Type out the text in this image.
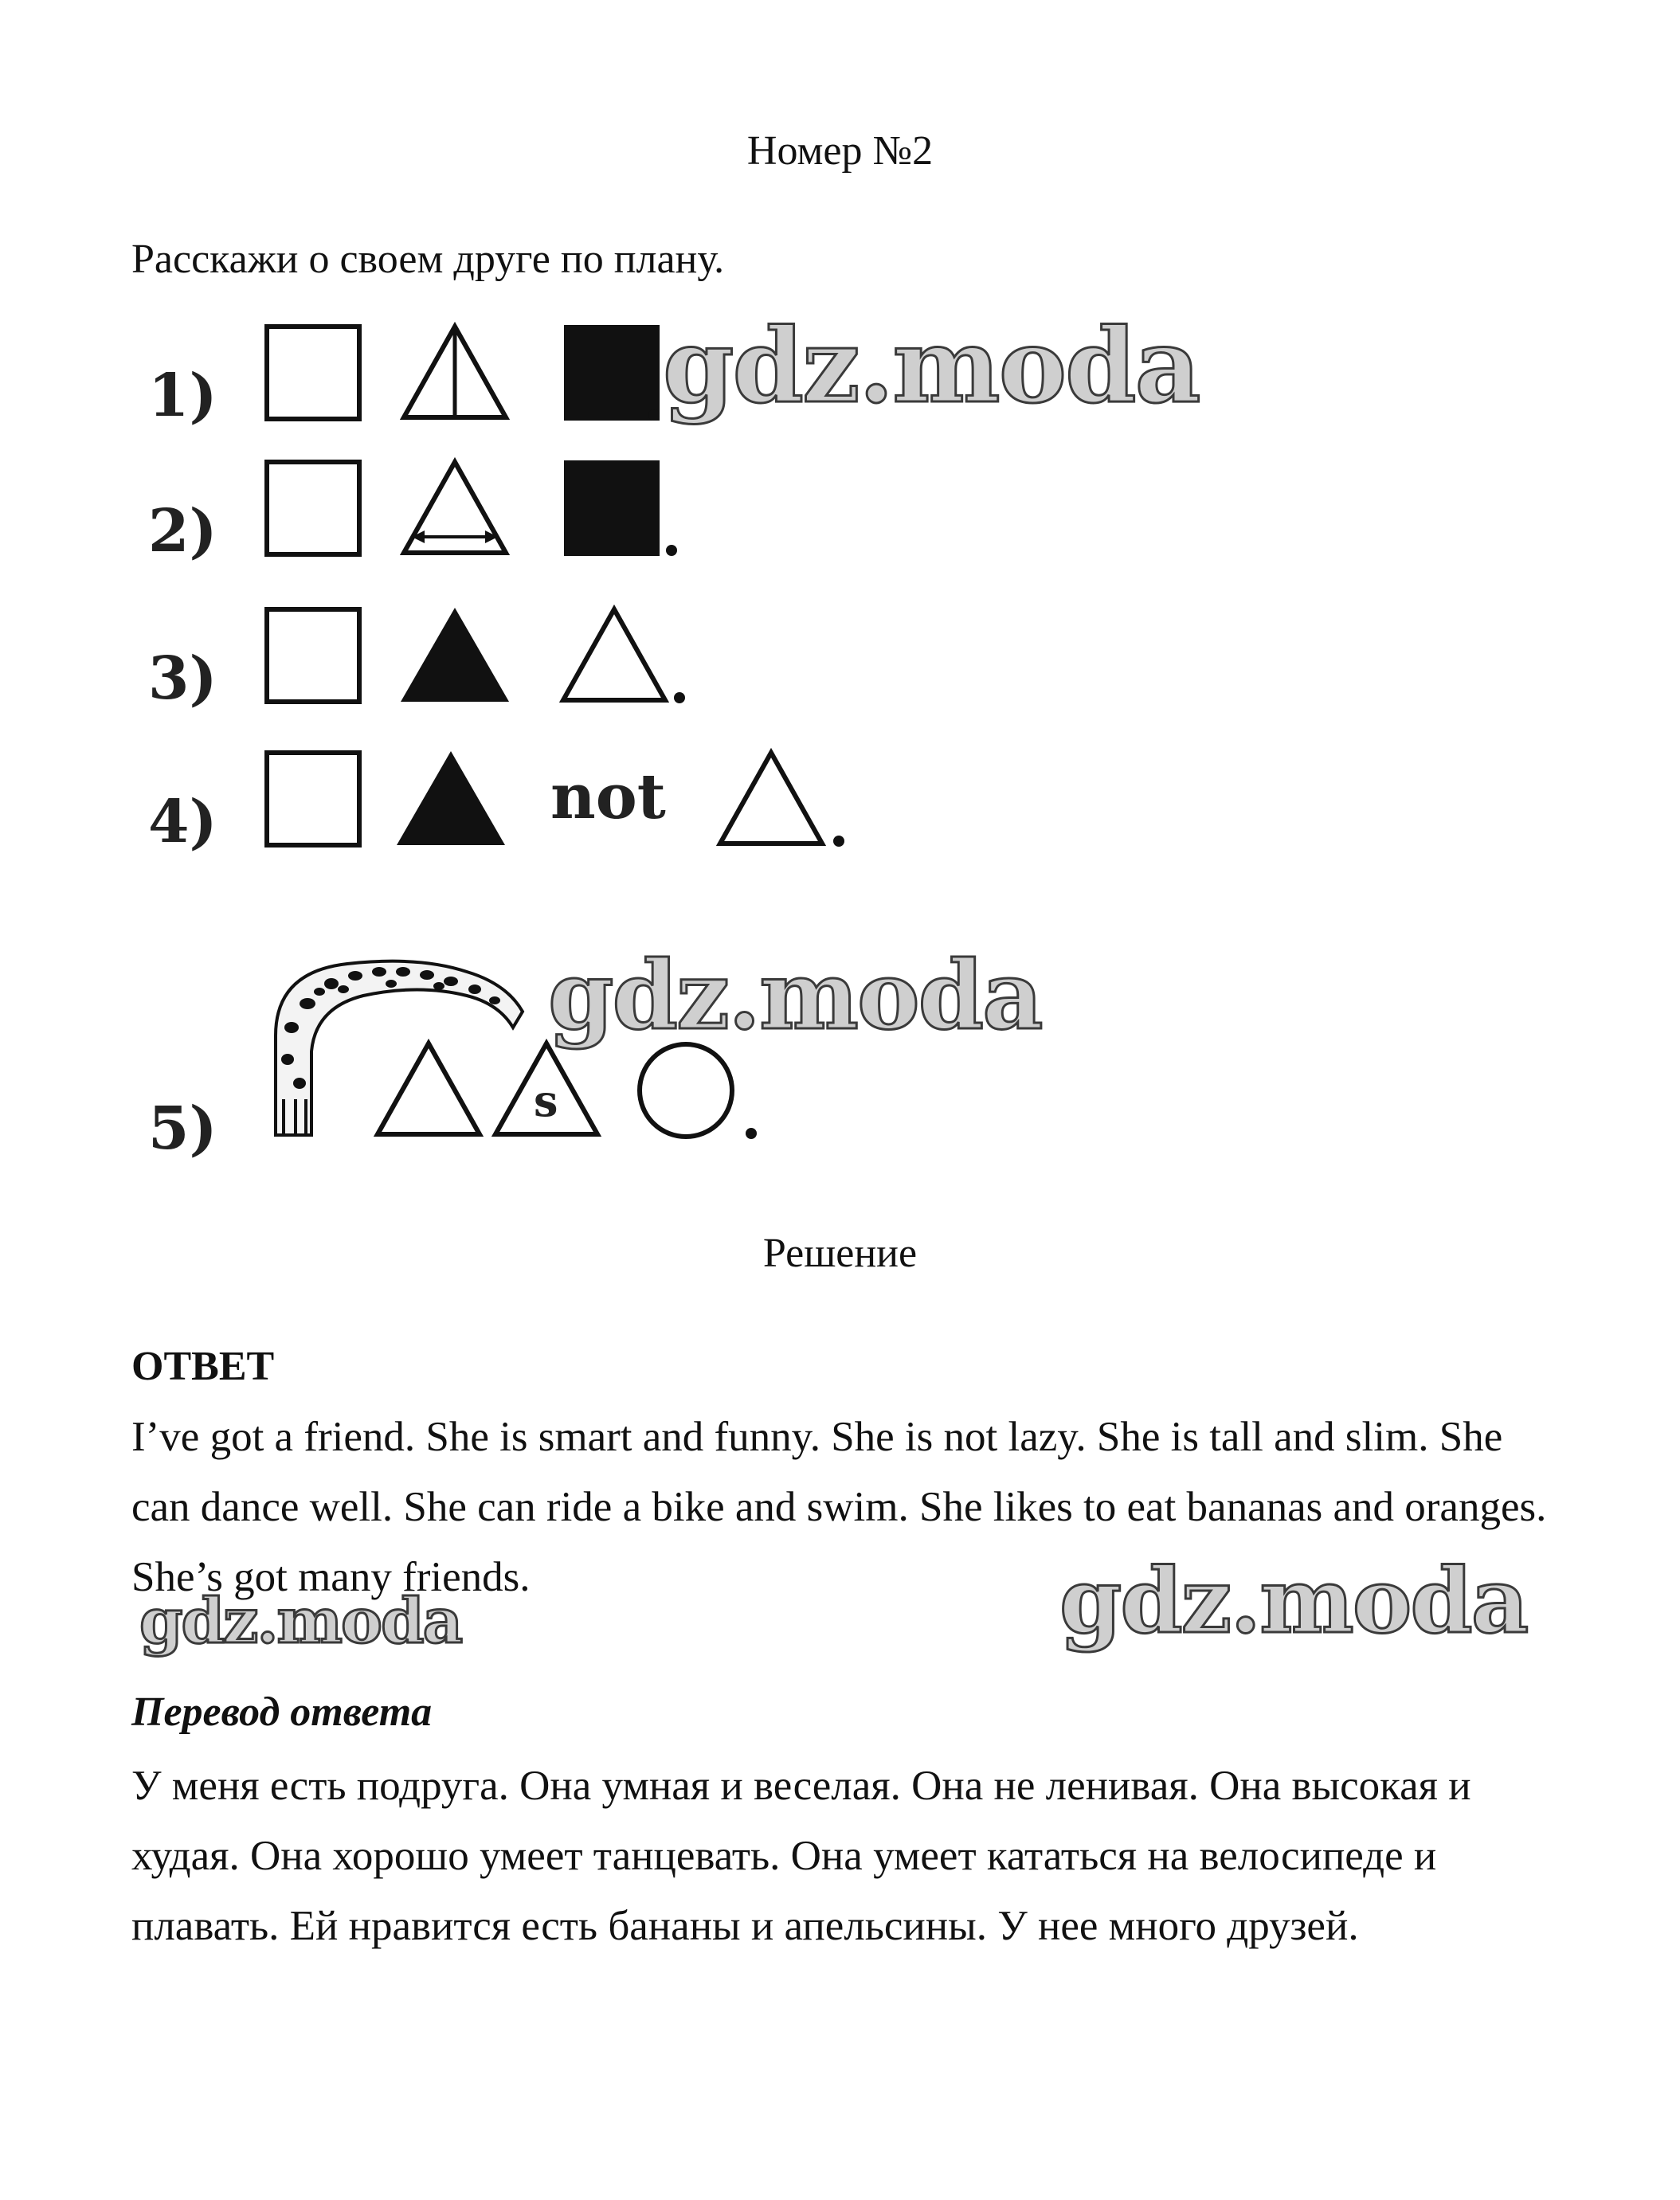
Номер №2
Расскажи о своем друге по плану.
1)
2)
3)
4)	not
5)	s
Решение
ОТВЕТ
I’ve got a friend. She is smart and funny. She is not lazy. She is tall and slim. She can dance well. She can ride a bike and swim. She likes to eat bananas and oranges. She’s got many friends.
Перевод ответа
У меня есть подруга. Она умная и веселая. Она не ленивая. Она высокая и худая. Она хорошо умеет танцевать. Она умеет кататься на велосипеде и плавать. Ей нравится есть бананы и апельсины. У нее много друзей.
gdz.moda
gdz.moda
gdz.moda	gdz.moda
